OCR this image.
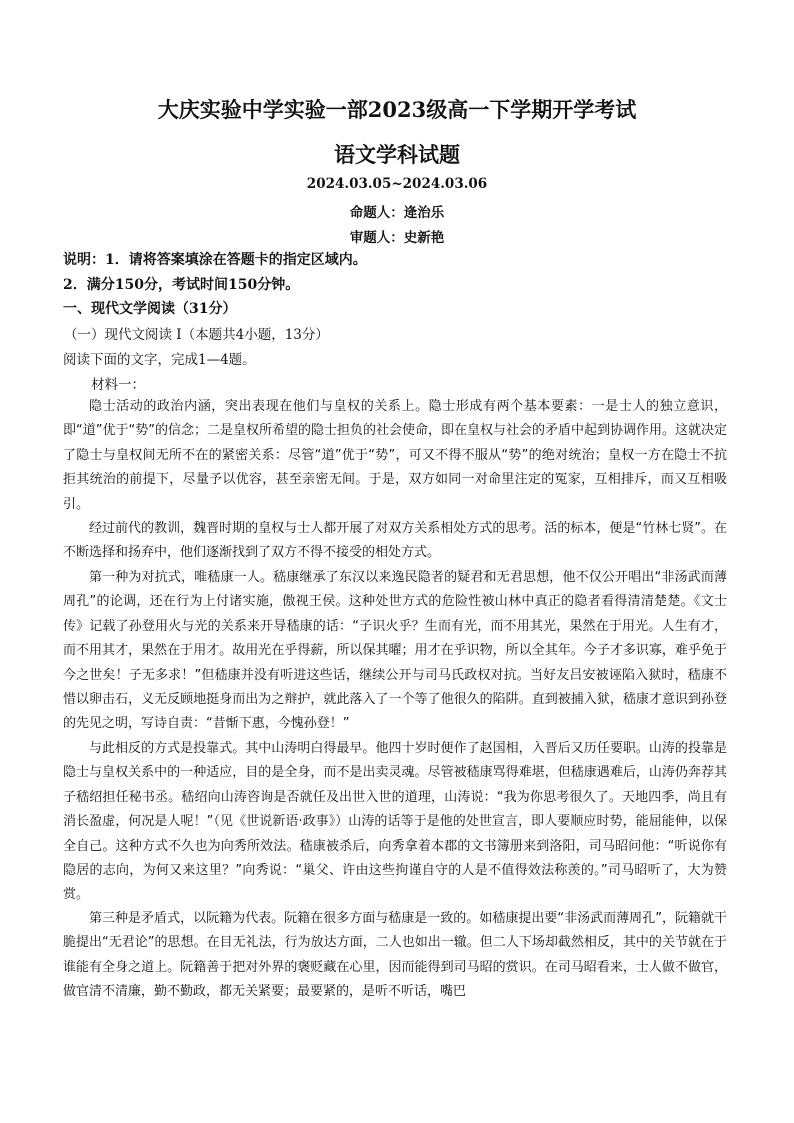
大庆实验中学实验一部2023级高一下学期开学考试
语文学科试题
2024.03.05~2024.03.06
命题人：逄治乐
审题人：史新艳
说明：1．请将答案填涂在答题卡的指定区域内。
2．满分150分，考试时间150分钟。
一、现代文学阅读（31分）
（一）现代文阅读 I（本题共4小题，13分）
阅读下面的文字，完成1—4题。
材料一：

隐士活动的政治内涵，突出表现在他们与皇权的关系上。隐士形成有两个基本要素：一是士人的独立意识，即“道”优于“势”的信念；二是皇权所希望的隐士担负的社会使命，即在皇权与社会的矛盾中起到协调作用。这就决定了隐士与皇权间无所不在的紧密关系：尽管“道”优于“势”，可又不得不服从“势”的绝对统治；皇权一方在隐士不抗拒其统治的前提下，尽量予以优容，甚至亲密无间。于是，双方如同一对命里注定的冤家，互相排斥，而又互相吸引。

经过前代的教训，魏晋时期的皇权与士人都开展了对双方关系相处方式的思考。活的标本，便是“竹林七贤”。在不断选择和扬弃中，他们逐渐找到了双方不得不接受的相处方式。

第一种为对抗式，唯嵇康一人。嵇康继承了东汉以来逸民隐者的疑君和无君思想，他不仅公开唱出“非汤武而薄周孔”的论调，还在行为上付诸实施，傲视王侯。这种处世方式的危险性被山林中真正的隐者看得清清楚楚。《文士传》记载了孙登用火与光的关系来开导嵇康的话：“子识火乎？生而有光，而不用其光，果然在于用光。人生有才，而不用其才，果然在于用才。故用光在乎得薪，所以保其曜；用才在乎识物，所以全其年。今子才多识寡，难乎免于今之世矣！子无多求！”但嵇康并没有听进这些话，继续公开与司马氏政权对抗。当好友吕安被诬陷入狱时，嵇康不惜以卵击石，义无反顾地挺身而出为之辩护，就此落入了一个等了他很久的陷阱。直到被捕入狱，嵇康才意识到孙登的先见之明，写诗自责：“昔惭下惠，今愧孙登！”

与此相反的方式是投靠式。其中山涛明白得最早。他四十岁时便作了赵国相，入晋后又历任要职。山涛的投靠是隐士与皇权关系中的一种适应，目的是全身，而不是出卖灵魂。尽管被嵇康骂得难堪，但嵇康遇难后，山涛仍奔荐其子嵇绍担任秘书丞。嵇绍向山涛咨询是否就任及出世入世的道理，山涛说：“我为你思考很久了。天地四季，尚且有消长盈虚，何况是人呢！”（见《世说新语·政事》）山涛的话等于是他的处世宣言，即人要顺应时势，能屈能伸，以保全自己。这种方式不久也为向秀所效法。嵇康被杀后，向秀拿着本郡的文书簿册来到洛阳，司马昭问他：“听说你有隐居的志向，为何又来这里？”向秀说：“巢父、许由这些拘谨自守的人是不值得效法称羡的。”司马昭听了，大为赞赏。

第三种是矛盾式，以阮籍为代表。阮籍在很多方面与嵇康是一致的。如嵇康提出要“非汤武而薄周孔”，阮籍就干脆提出“无君论”的思想。在目无礼法，行为放达方面，二人也如出一辙。但二人下场却截然相反，其中的关节就在于谁能有全身之道上。阮籍善于把对外界的褒贬藏在心里，因而能得到司马昭的赏识。在司马昭看来，士人做不做官，做官清不清廉，勤不勤政，都无关紧要；最要紧的，是听不听话，嘴巴
